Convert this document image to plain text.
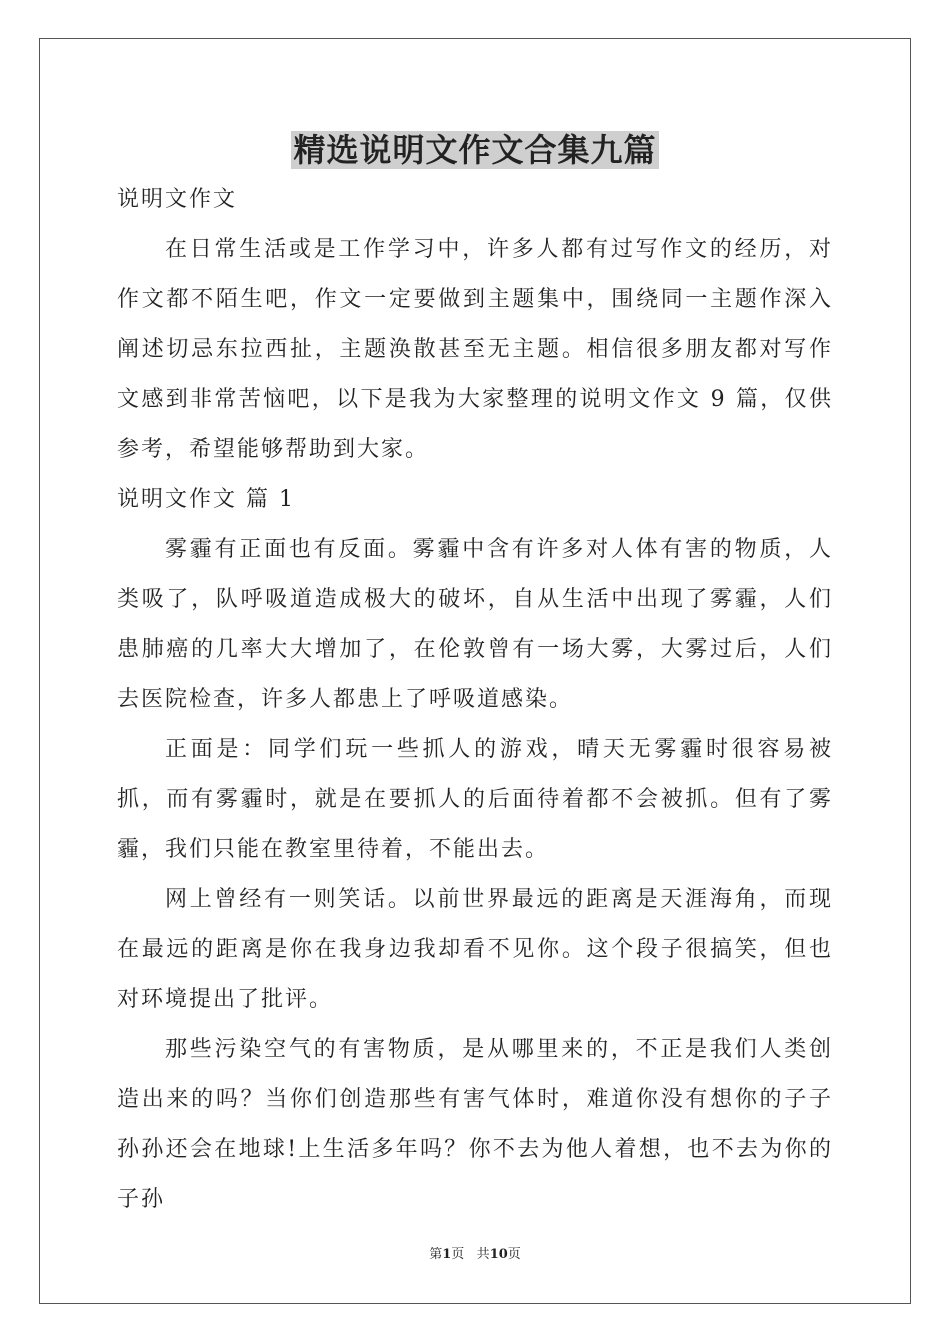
精选说明文作文合集九篇

说明文作文

在日常生活或是工作学习中，许多人都有过写作文的经历，对作文都不陌生吧，作文一定要做到主题集中，围绕同一主题作深入阐述切忌东拉西扯，主题涣散甚至无主题。相信很多朋友都对写作文感到非常苦恼吧，以下是我为大家整理的说明文作文 9 篇，仅供参考，希望能够帮助到大家。

说明文作文 篇 1

雾霾有正面也有反面。雾霾中含有许多对人体有害的物质，人类吸了，队呼吸道造成极大的破坏，自从生活中出现了雾霾，人们患肺癌的几率大大增加了，在伦敦曾有一场大雾，大雾过后，人们去医院检查，许多人都患上了呼吸道感染。

正面是：同学们玩一些抓人的游戏，晴天无雾霾时很容易被抓，而有雾霾时，就是在要抓人的后面待着都不会被抓。但有了雾霾，我们只能在教室里待着，不能出去。

网上曾经有一则笑话。以前世界最远的距离是天涯海角，而现在最远的距离是你在我身边我却看不见你。这个段子很搞笑，但也对环境提出了批评。

那些污染空气的有害物质，是从哪里来的，不正是我们人类创造出来的吗？当你们创造那些有害气体时，难道你没有想你的子子孙孙还会在地球!上生活多年吗？你不去为他人着想，也不去为你的子孙

第1页 共10页
